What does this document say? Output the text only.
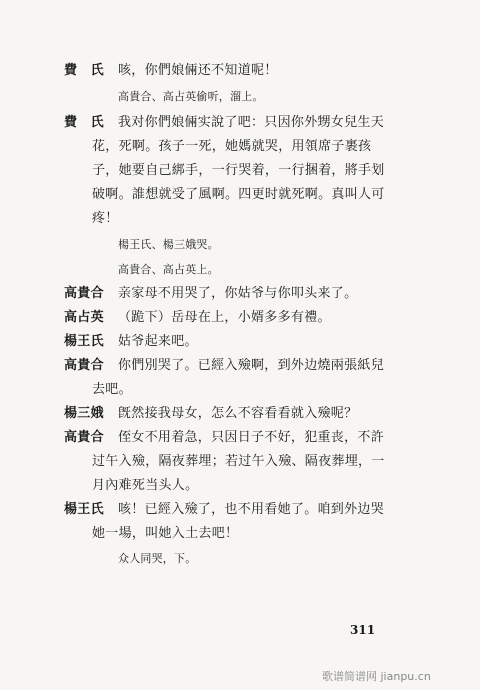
費　氏 咳，你們娘倆还不知道呢！
高貴合、高占英偷听，溜上。
費　氏 我对你們娘倆实說了吧：只因你外甥女兒生天
花，死啊。孩子一死，她媽就哭，用領席子裹孩
子，她要自己綁手，一行哭着，一行捆着，將手划
破啊。誰想就受了風啊。四更时就死啊。真叫人可
疼！
楊王氏、楊三娥哭。
高貴合、高占英上。
高貴合 亲家母不用哭了，你姑爷与你叩头来了。
高占英 （跪下）岳母在上，小婿多多有禮。
楊王氏 姑爷起来吧。
高貴合 你們別哭了。已經入殮啊，到外边燒兩張紙兒
去吧。
楊三娥 旣然接我母女，怎么不容看看就入殮呢？
高貴合 侄女不用着急，只因日子不好，犯重丧，不許
过午入殮，隔夜葬埋；若过午入殮、隔夜葬埋，一
月內难死当头人。
楊王氏 咳！已經入殮了，也不用看她了。咱到外边哭
她一場，叫她入土去吧！
众人同哭，下。
311
歌谱简谱网 jianpu.cn
